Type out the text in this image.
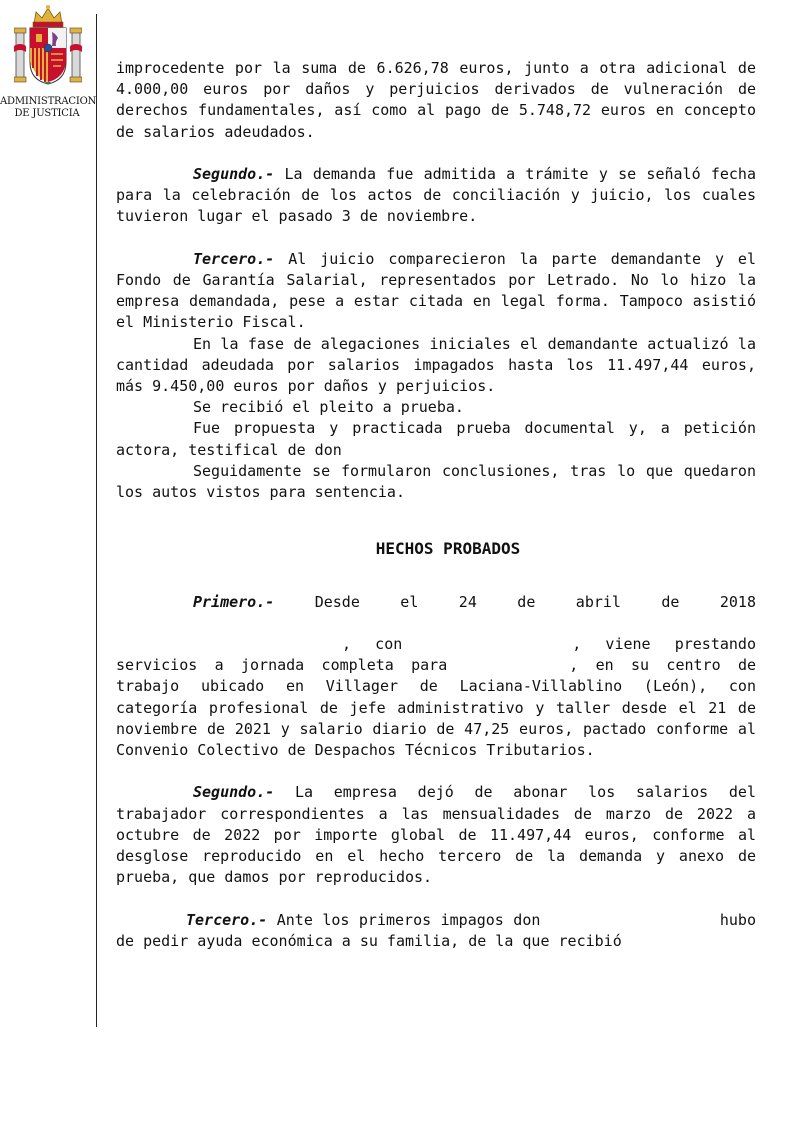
ADMINISTRACION
DE JUSTICIA

improcedente por la suma de 6.626,78 euros, junto a otra adicional de 4.000,00 euros por daños y perjuicios derivados de vulneración de derechos fundamentales, así como al pago de 5.748,72 euros en concepto de salarios adeudados.

Segundo.- La demanda fue admitida a trámite y se señaló fecha para la celebración de los actos de conciliación y juicio, los cuales tuvieron lugar el pasado 3 de noviembre.

Tercero.- Al juicio comparecieron la parte demandante y el Fondo de Garantía Salarial, representados por Letrado. No lo hizo la empresa demandada, pese a estar citada en legal forma. Tampoco asistió el Ministerio Fiscal.

En la fase de alegaciones iniciales el demandante actualizó la cantidad adeudada por salarios impagados hasta los 11.497,44 euros, más 9.450,00 euros por daños y perjuicios.

Se recibió el pleito a prueba.

Fue propuesta y practicada prueba documental y, a petición actora, testifical de don

Seguidamente se formularon conclusiones, tras lo que quedaron los autos vistos para sentencia.

HECHOS PROBADOS

Primero.- Desde el 24 de abril de 2018, con	, viene prestando servicios a jornada completa para	, en su centro de trabajo ubicado en Villager de Laciana-Villablino (León), con categoría profesional de jefe administrativo y taller desde el 21 de noviembre de 2021 y salario diario de 47,25 euros, pactado conforme al Convenio Colectivo de Despachos Técnicos Tributarios.

Segundo.- La empresa dejó de abonar los salarios del trabajador correspondientes a las mensualidades de marzo de 2022 a octubre de 2022 por importe global de 11.497,44 euros, conforme al desglose reproducido en el hecho tercero de la demanda y anexo de prueba, que damos por reproducidos.

Tercero.- Ante los primeros impagos don	hubo de pedir ayuda económica a su familia, de la que recibió
